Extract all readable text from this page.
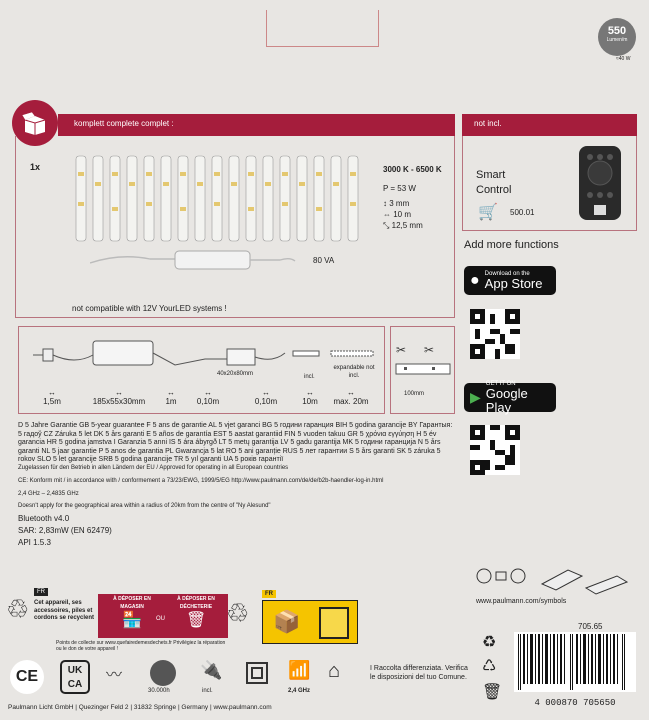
550
Lumen/m
≈40 W
komplett complete complet :	not incl.
1x	3000 K - 6500 K
P = 53 W
↕ 3 mm
⇔ 10 m
⤡ 12,5 mm
80 VA
not compatible with 12V YourLED systems !
Smart
Control
🛒 500.01
Add more functions
● Download on the
App Store
▶
GET IT ON
Google Play
40x20x80mm	incl.
expandable not incl.
↔
1,5m
↔
185x55x30mm
↔
1m
↔
0,10m
↔
0,10m
↔
10m
↔
max. 20m
✂ ✂
100mm
D 5 Jahre Garantie GB 5-year guarantee F 5 ans de garantie AL 5 vjet garanci BG 5 години гаранция BIH 5 godina garancije BY Гарантыя: 5 гадоў CZ Záruka 5 let DK 5 års garanti E 5 años de garantía EST 5 aastat garantiid FIN 5 vuoden takuu GR 5 χρόνια εγγύηση H 5 év garancia HR 5 godina jamstva I Garanzia 5 anni IS 5 ára ábyrgð LT 5 metų garantija LV 5 gadu garantija MK 5 години гаранција N 5 års garanti NL 5 jaar garantie P 5 anos de garantia PL Gwarancja 5 lat RO 5 ani garanție RUS 5 лет гарантии S 5 års garanti SK 5 záruka 5 rokov SLO 5 let garancije SRB 5 godina garancije TR 5 yıl garanti UA 5 років гарантії
Zugelassen für den Betrieb in allen Ländern der EU / Approved for operating in all European countries
CE: Konform mit / in accordance with / conformement a 73/23/EWG, 1999/5/EG http://www.paulmann.com/de/de/b2b-haendler-log-in.html
2,4 GHz – 2,4835 GHz
Doesn't apply for the geographical area within a radius of 20km from the centre of "Ny Alesund"
Bluetooth v4.0
SAR: 2,83mW (EN 62479)
API 1.5.3
www.paulmann.com/symbols
705.65
♲
FR
Cet appareil, ses accessoires, piles et cordons se recyclent
À DÉPOSER EN MAGASIN
À DÉPOSER EN DÉCHETERIE
🏪 OU 🗑
Points de collecte sur www.quefairedemesdechets.fr Privilégiez la réparation ou le don de votre appareil !
♲
FR
📦
CE	UK
CA
〰
30.000h
🔌
incl.
📶
2,4 GHz
⌂	I Raccolta differenziata. Verifica le disposizioni del tuo Comune.
♻
♺
🗑
4 000870 705650
Paulmann Licht GmbH | Quezinger Feld 2 | 31832 Springe | Germany | www.paulmann.com
